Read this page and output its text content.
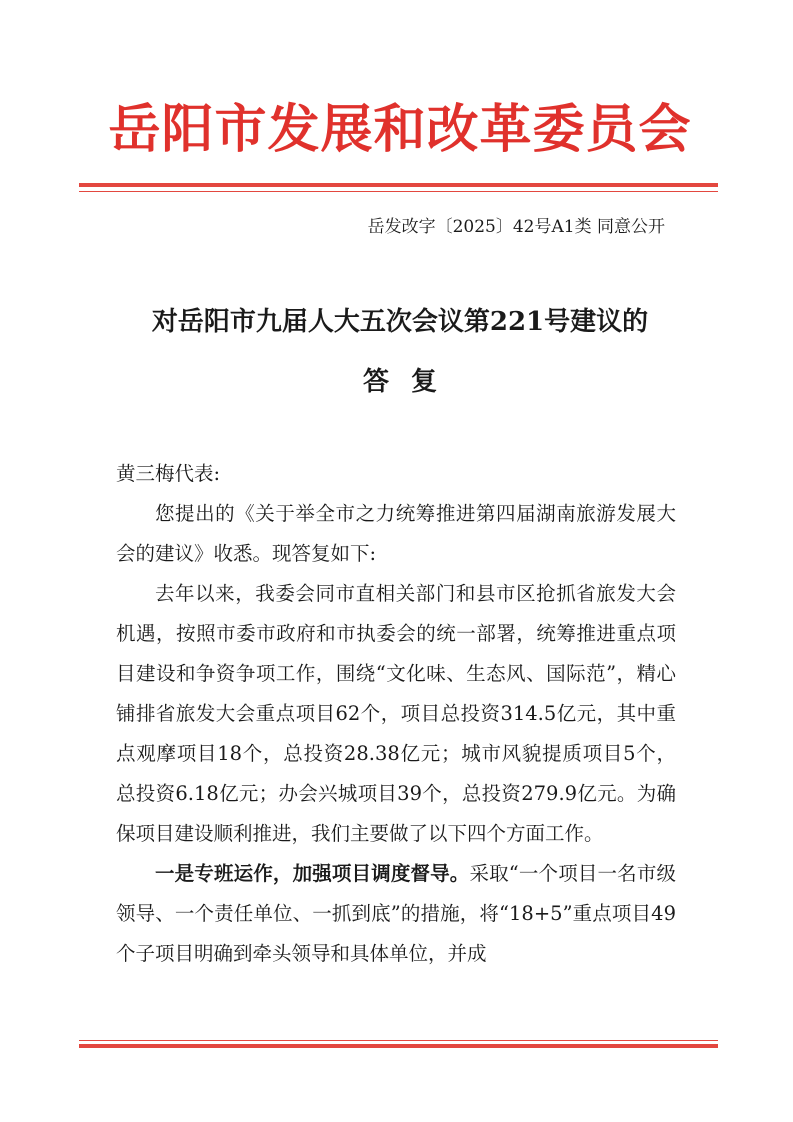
岳阳市发展和改革委员会
岳发改字〔2025〕42号A1类 同意公开
对岳阳市九届人大五次会议第221号建议的
答复

黄三梅代表:

您提出的《关于举全市之力统筹推进第四届湖南旅游发展大会的建议》收悉。现答复如下:

去年以来，我委会同市直相关部门和县市区抢抓省旅发大会机遇，按照市委市政府和市执委会的统一部署，统筹推进重点项目建设和争资争项工作，围绕“文化味、生态风、国际范”，精心铺排省旅发大会重点项目62个，项目总投资314.5亿元，其中重点观摩项目18个，总投资28.38亿元；城市风貌提质项目5个，总投资6.18亿元；办会兴城项目39个，总投资279.9亿元。为确保项目建设顺利推进，我们主要做了以下四个方面工作。

一是专班运作，加强项目调度督导。采取“一个项目一名市级领导、一个责任单位、一抓到底”的措施，将“18+5”重点项目49个子项目明确到牵头领导和具体单位，并成
